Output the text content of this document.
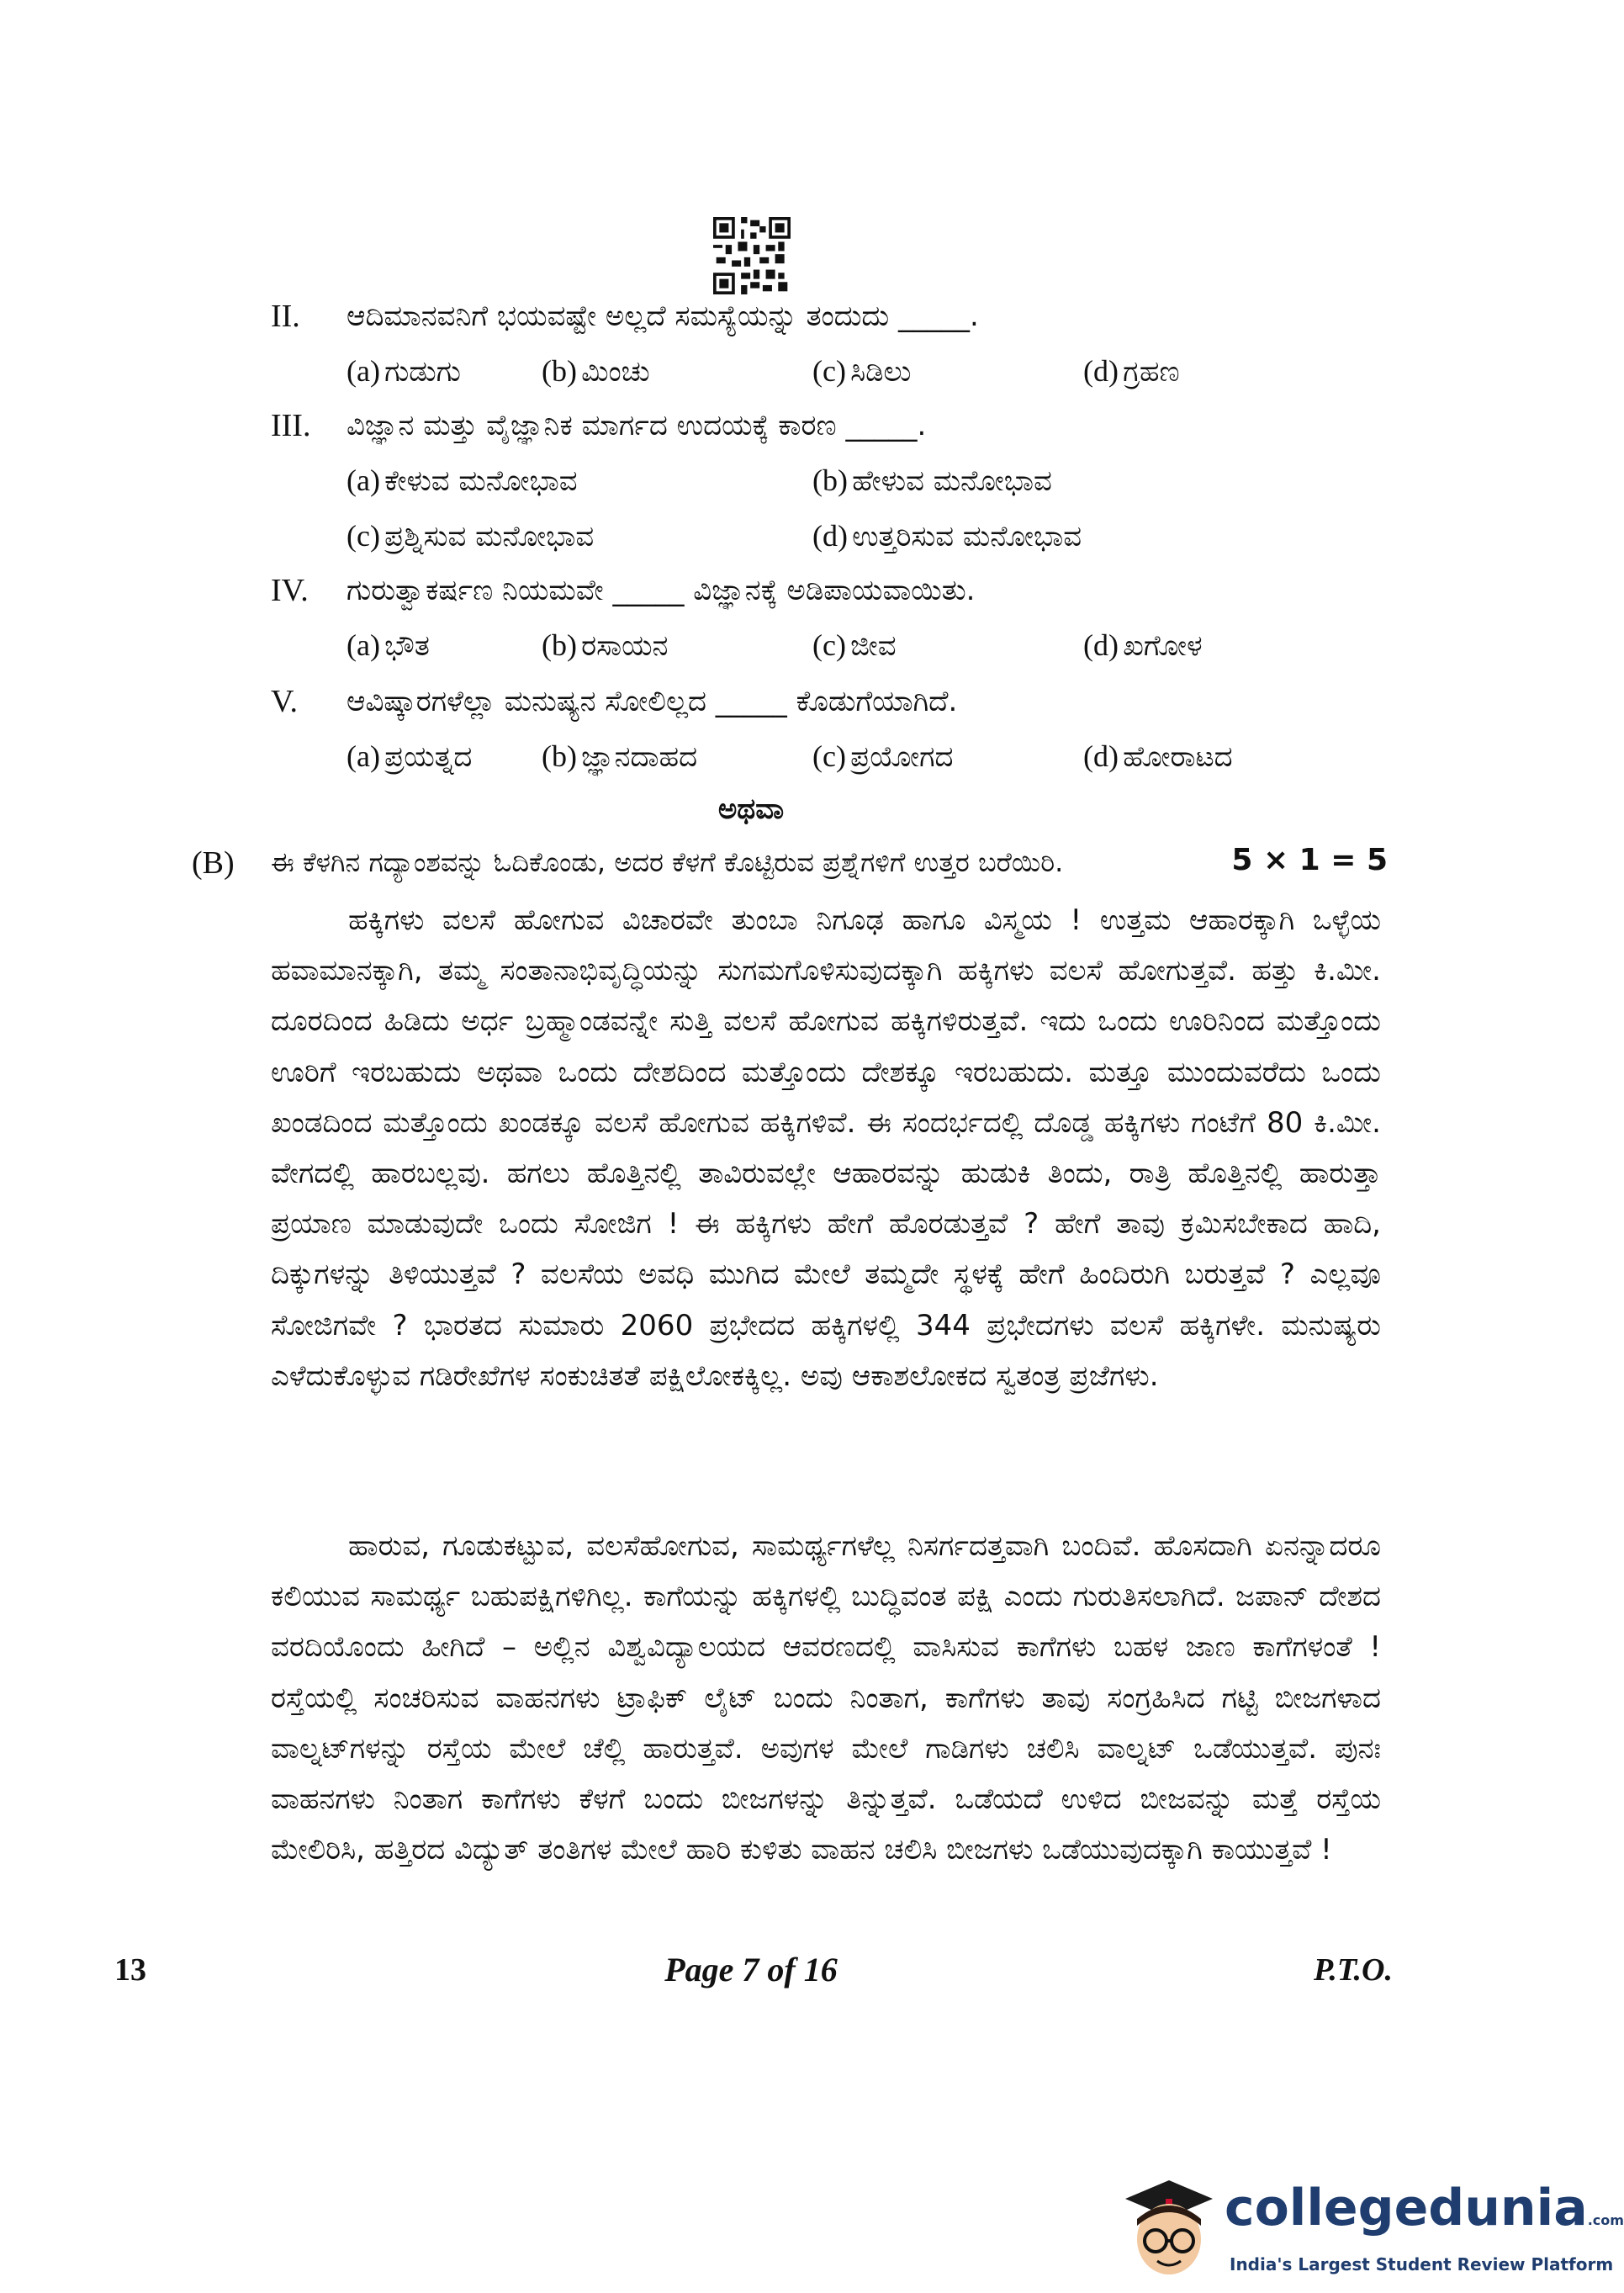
II. ಆದಿಮಾನವನಿಗೆ ಭಯವಷ್ಟೇ ಅಲ್ಲದೆ ಸಮಸ್ಯೆಯನ್ನು ತಂದುದು _____.
(a) ಗುಡುಗು	(b) ಮಿಂಚು	(c) ಸಿಡಿಲು	(d) ಗ್ರಹಣ
III. ವಿಜ್ಞಾನ ಮತ್ತು ವೈಜ್ಞಾನಿಕ ಮಾರ್ಗದ ಉದಯಕ್ಕೆ ಕಾರಣ _____.
(a) ಕೇಳುವ ಮನೋಭಾವ	(b) ಹೇಳುವ ಮನೋಭಾವ
(c) ಪ್ರಶ್ನಿಸುವ ಮನೋಭಾವ	(d) ಉತ್ತರಿಸುವ ಮನೋಭಾವ
IV. ಗುರುತ್ವಾಕರ್ಷಣ ನಿಯಮವೇ _____ ವಿಜ್ಞಾನಕ್ಕೆ ಅಡಿಪಾಯವಾಯಿತು.
(a) ಭೌತ	(b) ರಸಾಯನ	(c) ಜೀವ	(d) ಖಗೋಳ
V. ಆವಿಷ್ಕಾರಗಳೆಲ್ಲಾ ಮನುಷ್ಯನ ಸೋಲಿಲ್ಲದ _____ ಕೊಡುಗೆಯಾಗಿದೆ.
(a) ಪ್ರಯತ್ನದ (b) ಜ್ಞಾನದಾಹದ	(c) ಪ್ರಯೋಗದ	(d) ಹೋರಾಟದ
ಅಥವಾ
(B) ಈ ಕೆಳಗಿನ ಗದ್ಯಾಂಶವನ್ನು ಓದಿಕೊಂಡು, ಅದರ ಕೆಳಗೆ ಕೊಟ್ಟಿರುವ ಪ್ರಶ್ನೆಗಳಿಗೆ ಉತ್ತರ ಬರೆಯಿರಿ.	5 × 1 = 5
ಹಕ್ಕಿಗಳು ವಲಸೆ ಹೋಗುವ ವಿಚಾರವೇ ತುಂಬಾ ನಿಗೂಢ ಹಾಗೂ ವಿಸ್ಮಯ ! ಉತ್ತಮ ಆಹಾರಕ್ಕಾಗಿ ಒಳ್ಳೆಯ ಹವಾಮಾನಕ್ಕಾಗಿ, ತಮ್ಮ ಸಂತಾನಾಭಿವೃದ್ಧಿಯನ್ನು ಸುಗಮಗೊಳಿಸುವುದಕ್ಕಾಗಿ ಹಕ್ಕಿಗಳು ವಲಸೆ ಹೋಗುತ್ತವೆ. ಹತ್ತು ಕಿ.ಮೀ. ದೂರದಿಂದ ಹಿಡಿದು ಅರ್ಧ ಬ್ರಹ್ಮಾಂಡವನ್ನೇ ಸುತ್ತಿ ವಲಸೆ ಹೋಗುವ ಹಕ್ಕಿಗಳಿರುತ್ತವೆ. ಇದು ಒಂದು ಊರಿನಿಂದ ಮತ್ತೊಂದು ಊರಿಗೆ ಇರಬಹುದು ಅಥವಾ ಒಂದು ದೇಶದಿಂದ ಮತ್ತೊಂದು ದೇಶಕ್ಕೂ ಇರಬಹುದು. ಮತ್ತೂ ಮುಂದುವರೆದು ಒಂದು ಖಂಡದಿಂದ ಮತ್ತೊಂದು ಖಂಡಕ್ಕೂ ವಲಸೆ ಹೋಗುವ ಹಕ್ಕಿಗಳಿವೆ. ಈ ಸಂದರ್ಭದಲ್ಲಿ ದೊಡ್ಡ ಹಕ್ಕಿಗಳು ಗಂಟೆಗೆ 80 ಕಿ.ಮೀ. ವೇಗದಲ್ಲಿ ಹಾರಬಲ್ಲವು. ಹಗಲು ಹೊತ್ತಿನಲ್ಲಿ ತಾವಿರುವಲ್ಲೇ ಆಹಾರವನ್ನು ಹುಡುಕಿ ತಿಂದು, ರಾತ್ರಿ ಹೊತ್ತಿನಲ್ಲಿ ಹಾರುತ್ತಾ ಪ್ರಯಾಣ ಮಾಡುವುದೇ ಒಂದು ಸೋಜಿಗ ! ಈ ಹಕ್ಕಿಗಳು ಹೇಗೆ ಹೊರಡುತ್ತವೆ ? ಹೇಗೆ ತಾವು ಕ್ರಮಿಸಬೇಕಾದ ಹಾದಿ, ದಿಕ್ಕುಗಳನ್ನು ತಿಳಿಯುತ್ತವೆ ? ವಲಸೆಯ ಅವಧಿ ಮುಗಿದ ಮೇಲೆ ತಮ್ಮದೇ ಸ್ಥಳಕ್ಕೆ ಹೇಗೆ ಹಿಂದಿರುಗಿ ಬರುತ್ತವೆ ? ಎಲ್ಲವೂ ಸೋಜಿಗವೇ ? ಭಾರತದ ಸುಮಾರು 2060 ಪ್ರಭೇದದ ಹಕ್ಕಿಗಳಲ್ಲಿ 344 ಪ್ರಭೇದಗಳು ವಲಸೆ ಹಕ್ಕಿಗಳೇ. ಮನುಷ್ಯರು ಎಳೆದುಕೊಳ್ಳುವ ಗಡಿರೇಖೆಗಳ ಸಂಕುಚಿತತೆ ಪಕ್ಷಿಲೋಕಕ್ಕಿಲ್ಲ. ಅವು ಆಕಾಶಲೋಕದ ಸ್ವತಂತ್ರ ಪ್ರಜೆಗಳು.
ಹಾರುವ, ಗೂಡುಕಟ್ಟುವ, ವಲಸೆಹೋಗುವ, ಸಾಮರ್ಥ್ಯಗಳೆಲ್ಲ ನಿಸರ್ಗದತ್ತವಾಗಿ ಬಂದಿವೆ. ಹೊಸದಾಗಿ ಏನನ್ನಾದರೂ ಕಲಿಯುವ ಸಾಮರ್ಥ್ಯ ಬಹುಪಕ್ಷಿಗಳಿಗಿಲ್ಲ. ಕಾಗೆಯನ್ನು ಹಕ್ಕಿಗಳಲ್ಲಿ ಬುದ್ಧಿವಂತ ಪಕ್ಷಿ ಎಂದು ಗುರುತಿಸಲಾಗಿದೆ. ಜಪಾನ್ ದೇಶದ ವರದಿಯೊಂದು ಹೀಗಿದೆ – ಅಲ್ಲಿನ ವಿಶ್ವವಿದ್ಯಾಲಯದ ಆವರಣದಲ್ಲಿ ವಾಸಿಸುವ ಕಾಗೆಗಳು ಬಹಳ ಜಾಣ ಕಾಗೆಗಳಂತೆ ! ರಸ್ತೆಯಲ್ಲಿ ಸಂಚರಿಸುವ ವಾಹನಗಳು ಟ್ರಾಫಿಕ್ ಲೈಟ್ ಬಂದು ನಿಂತಾಗ, ಕಾಗೆಗಳು ತಾವು ಸಂಗ್ರಹಿಸಿದ ಗಟ್ಟಿ ಬೀಜಗಳಾದ ವಾಲ್ನಟ್‌ಗಳನ್ನು ರಸ್ತೆಯ ಮೇಲೆ ಚೆಲ್ಲಿ ಹಾರುತ್ತವೆ. ಅವುಗಳ ಮೇಲೆ ಗಾಡಿಗಳು ಚಲಿಸಿ ವಾಲ್ನಟ್ ಒಡೆಯುತ್ತವೆ. ಪುನಃ ವಾಹನಗಳು ನಿಂತಾಗ ಕಾಗೆಗಳು ಕೆಳಗೆ ಬಂದು ಬೀಜಗಳನ್ನು ತಿನ್ನುತ್ತವೆ. ಒಡೆಯದೆ ಉಳಿದ ಬೀಜವನ್ನು ಮತ್ತೆ ರಸ್ತೆಯ ಮೇಲಿರಿಸಿ, ಹತ್ತಿರದ ವಿದ್ಯುತ್ ತಂತಿಗಳ ಮೇಲೆ ಹಾರಿ ಕುಳಿತು ವಾಹನ ಚಲಿಸಿ ಬೀಜಗಳು ಒಡೆಯುವುದಕ್ಕಾಗಿ ಕಾಯುತ್ತವೆ !
13	Page 7 of 16	P.T.O.
collegedunia.com
India's Largest Student Review Platform
